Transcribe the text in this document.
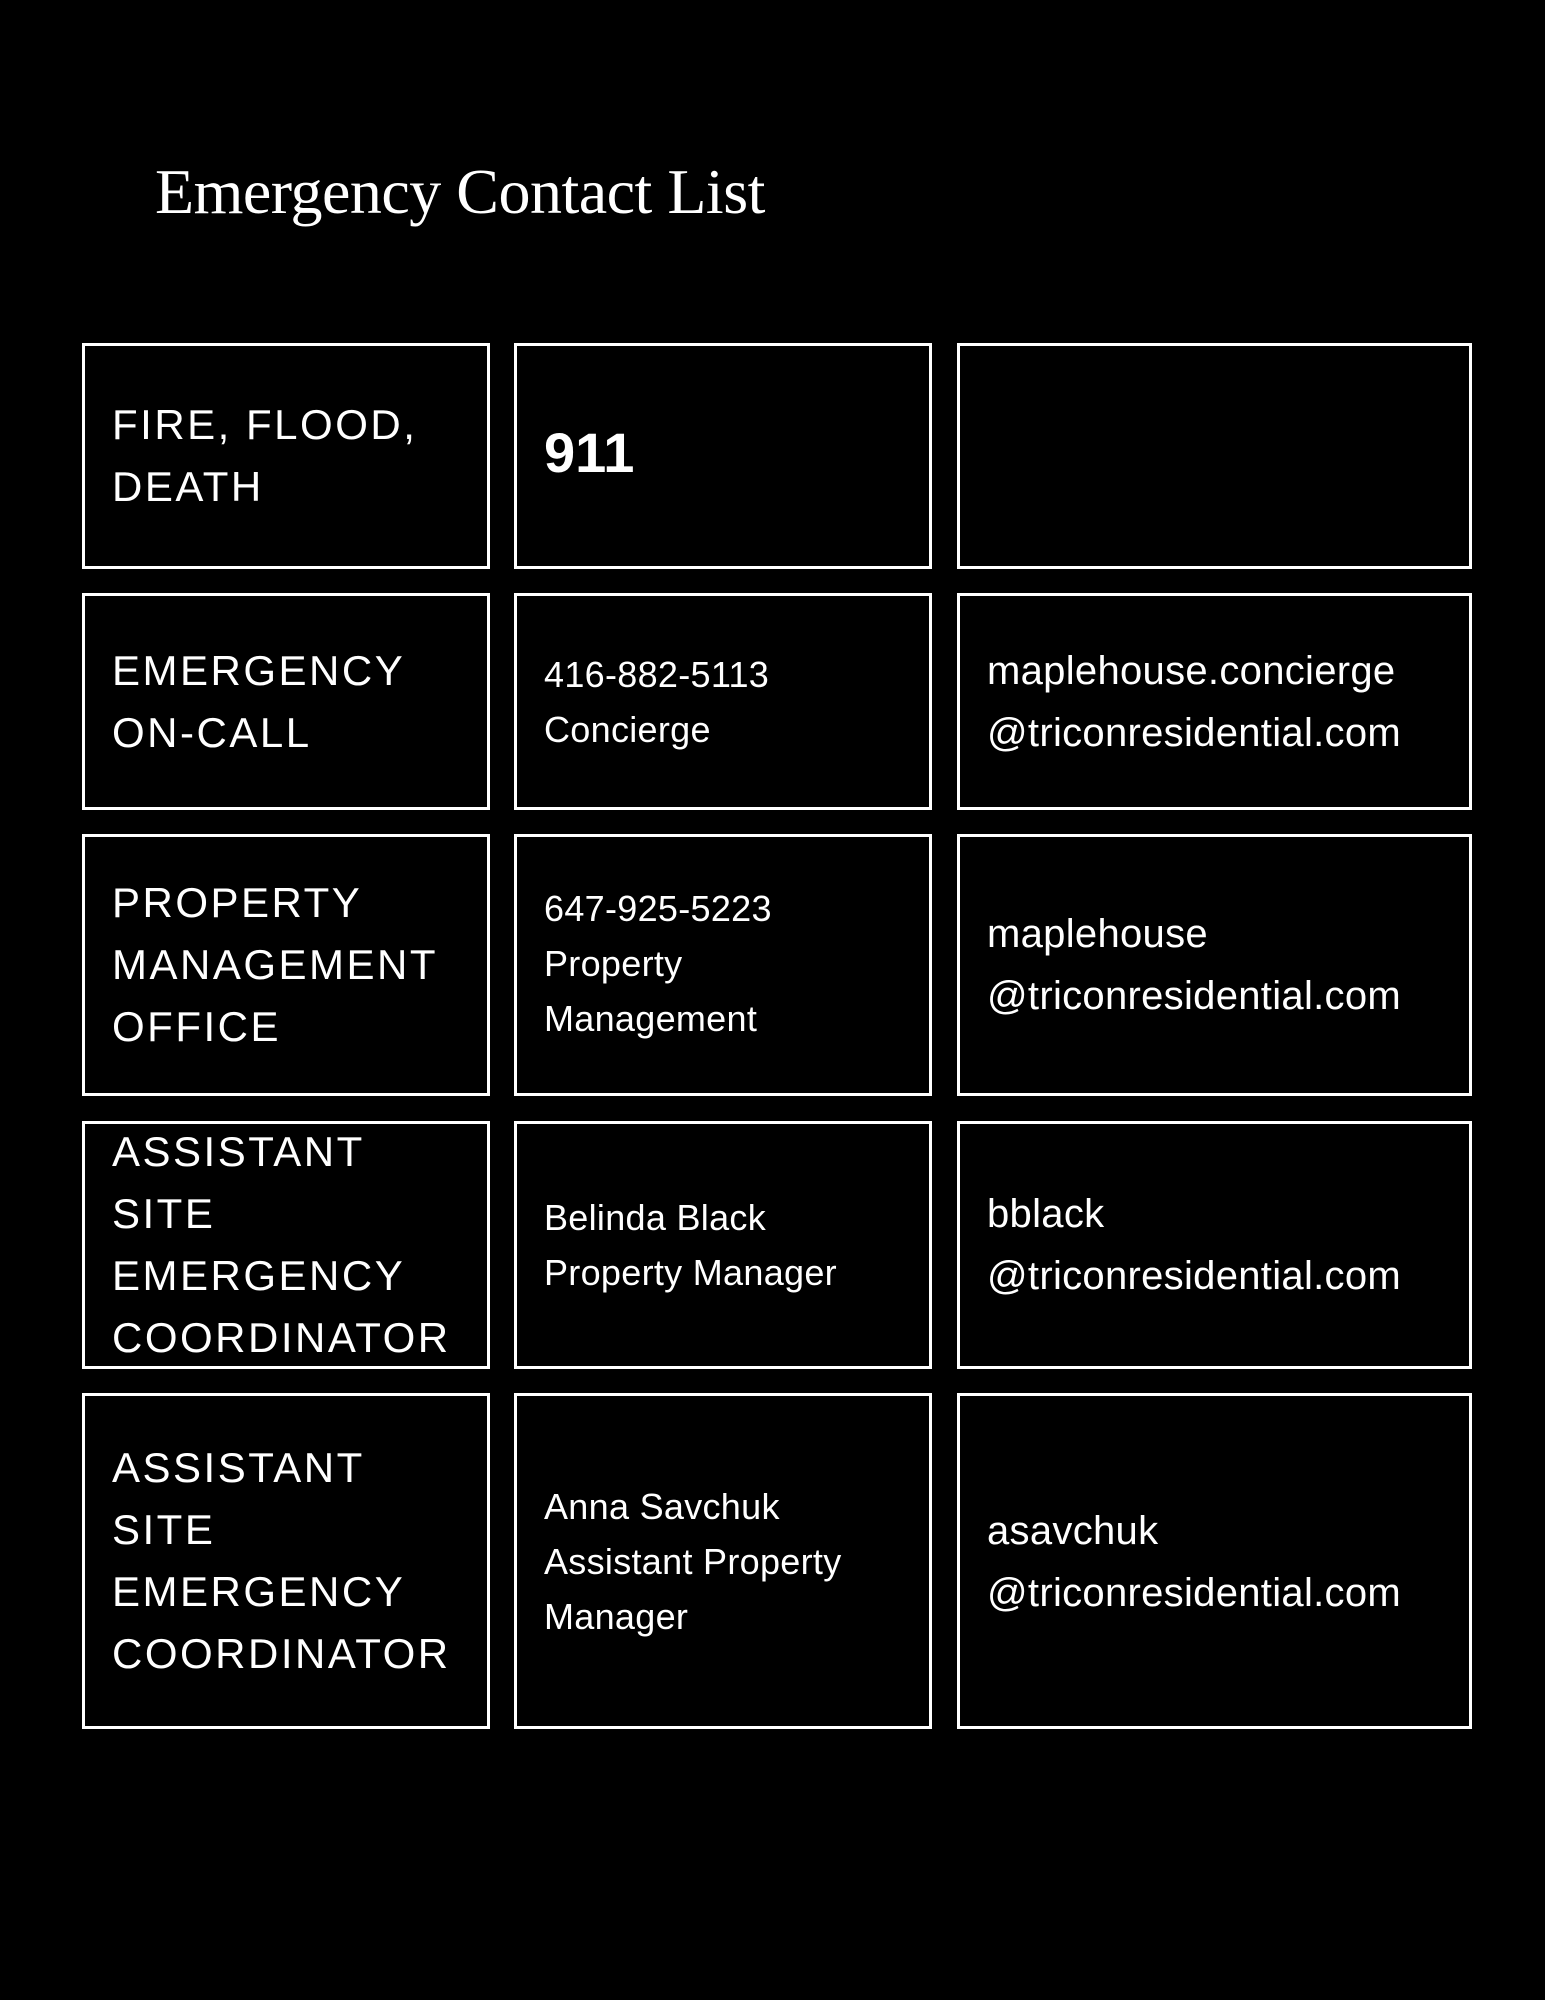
Emergency Contact List
FIRE, FLOOD,
DEATH
911
EMERGENCY
ON-CALL
416-882-5113
Concierge
maplehouse.concierge
@triconresidential.com
PROPERTY
MANAGEMENT
OFFICE
647-925-5223
Property
Management
maplehouse
@triconresidential.com
ASSISTANT SITE
EMERGENCY
COORDINATOR
Belinda Black
Property Manager
bblack
@triconresidential.com
ASSISTANT
SITE
EMERGENCY
COORDINATOR
Anna Savchuk
Assistant Property
Manager
asavchuk
@triconresidential.com
